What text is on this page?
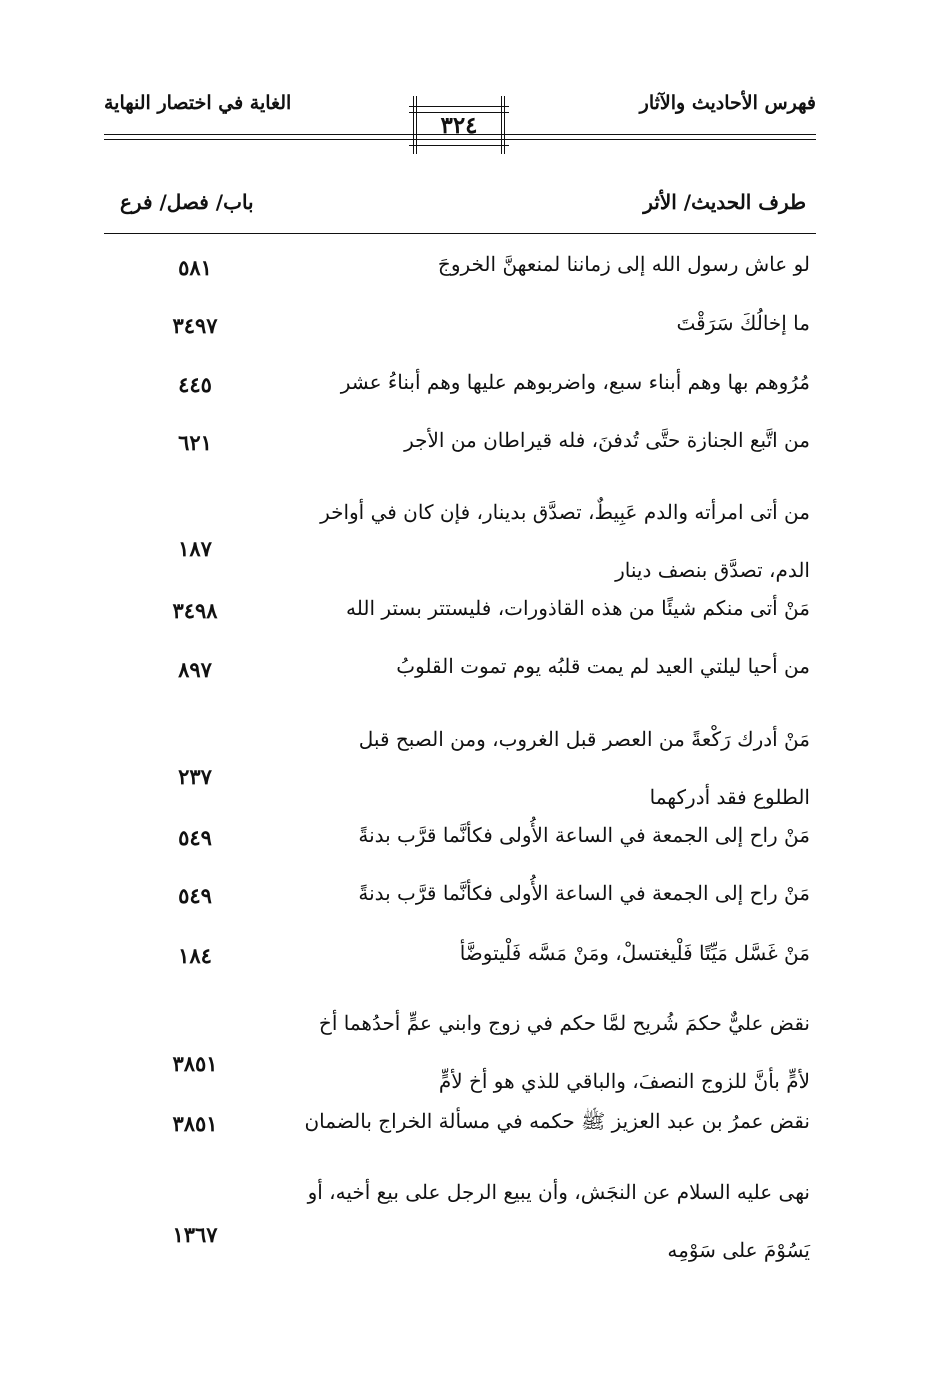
فهرس الأحاديث والآثار
الغاية في اختصار النهاية
٣٢٤
طرف الحديث/ الأثر
باب/ فصل/ فرع
لو عاش رسول الله إلى زماننا لمنعهنَّ الخروجَ
٥٨١
ما إخالُكَ سَرَقْتَ
٣٤٩٧
مُرُوهم بها وهم أبناء سبع، واضربوهم عليها وهم أبناءُ عشر
٤٤٥
من اتَّبع الجنازة حتَّى تُدفنَ، فله قيراطان من الأجر
٦٢١
من أتى امرأته والدم عَبِيطٌ، تصدَّق بدينار، فإن كان في أواخر
الدم، تصدَّق بنصف دينار
١٨٧
مَنْ أتى منكم شيئًا من هذه القاذورات، فليستتر بستر الله
٣٤٩٨
من أحيا ليلتي العيد لم يمت قلبُه يوم تموت القلوبُ
٨٩٧
مَنْ أدرك رَكْعةً من العصر قبل الغروب، ومن الصبح قبل
الطلوع فقد أدركهما
٢٣٧
مَنْ راح إلى الجمعة في الساعة الأُولى فكأنَّما قرَّب بدنةً
٥٤٩
مَنْ راح إلى الجمعة في الساعة الأُولى فكأنَّما قرَّب بدنةً
٥٤٩
مَنْ غَسَّل مَيِّتًا فَلْيغتسلْ، ومَنْ مَسَّه فَلْيتوضَّأ
١٨٤
نقض عليٌّ حكمَ شُريح لمَّا حكم في زوج وابني عمٍّ أحدُهما أخ
لأمٍّ بأنَّ للزوج النصفَ، والباقي للذي هو أخ لأمٍّ
٣٨٥١
نقض عمرُ بن عبد العزيز ﷺ حكمه في مسألة الخراج بالضمان
٣٨٥١
نهى عليه السلام عن النجَش، وأن يبيع الرجل على بيع أخيه، أو
يَسُوْمَ على سَوْمِه
١٣٦٧
